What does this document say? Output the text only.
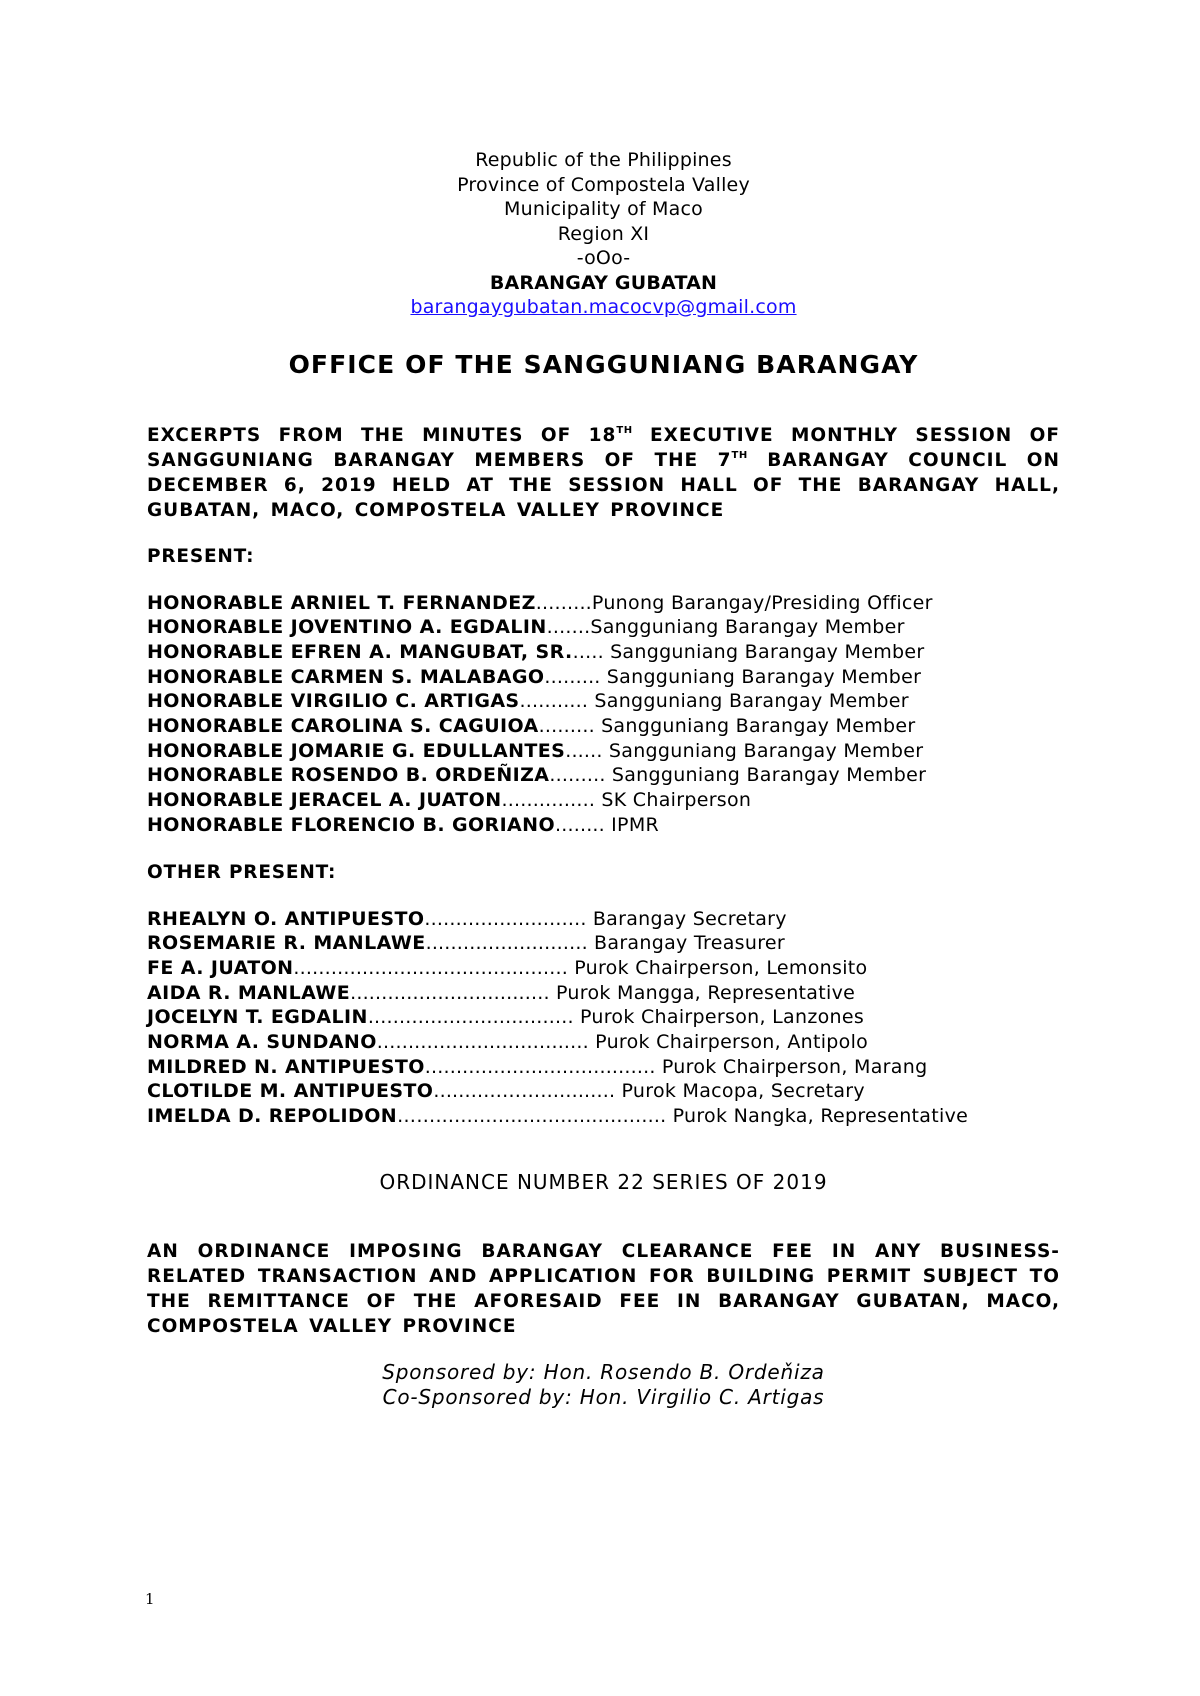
Republic of the Philippines
Province of Compostela Valley
Municipality of Maco
Region XI
-oOo-
BARANGAY GUBATAN
barangaygubatan.macocvp@gmail.com
OFFICE OF THE SANGGUNIANG BARANGAY
EXCERPTS FROM THE MINUTES OF 18TH EXECUTIVE MONTHLY SESSION OF SANGGUNIANG BARANGAY MEMBERS OF THE 7TH BARANGAY COUNCIL ON DECEMBER 6, 2019 HELD AT THE SESSION HALL OF THE BARANGAY HALL, GUBATAN, MACO, COMPOSTELA VALLEY PROVINCE
PRESENT:
HONORABLE ARNIEL T. FERNANDEZ.........Punong Barangay/Presiding Officer
HONORABLE JOVENTINO A. EGDALIN.......Sangguniang Barangay Member
HONORABLE EFREN A. MANGUBAT, SR...... Sangguniang Barangay Member
HONORABLE CARMEN S. MALABAGO......... Sangguniang Barangay Member
HONORABLE VIRGILIO C. ARTIGAS........... Sangguniang Barangay Member
HONORABLE CAROLINA S. CAGUIOA......... Sangguniang Barangay Member
HONORABLE JOMARIE G. EDULLANTES...... Sangguniang Barangay Member
HONORABLE ROSENDO B. ORDEÑIZA......... Sangguniang Barangay Member
HONORABLE JERACEL A. JUATON............... SK Chairperson
HONORABLE FLORENCIO B. GORIANO........ IPMR
OTHER PRESENT:
RHEALYN O. ANTIPUESTO.......................... Barangay Secretary
ROSEMARIE R. MANLAWE.......................... Barangay Treasurer
FE A. JUATON............................................ Purok Chairperson, Lemonsito
AIDA R. MANLAWE................................ Purok Mangga, Representative
JOCELYN T. EGDALIN................................. Purok Chairperson, Lanzones
NORMA A. SUNDANO.................................. Purok Chairperson, Antipolo
MILDRED N. ANTIPUESTO..................................... Purok Chairperson, Marang
CLOTILDE M. ANTIPUESTO...........……............ Purok Macopa, Secretary
IMELDA D. REPOLIDON……..................................... Purok Nangka, Representative
ORDINANCE NUMBER 22 SERIES OF 2019
AN ORDINANCE IMPOSING BARANGAY CLEARANCE FEE IN ANY BUSINESS-RELATED TRANSACTION AND APPLICATION FOR BUILDING PERMIT SUBJECT TO THE REMITTANCE OF THE AFORESAID FEE IN BARANGAY GUBATAN, MACO, COMPOSTELA VALLEY PROVINCE
Sponsored by: Hon. Rosendo B. Ordeňiza
Co-Sponsored by: Hon. Virgilio C. Artigas
1
